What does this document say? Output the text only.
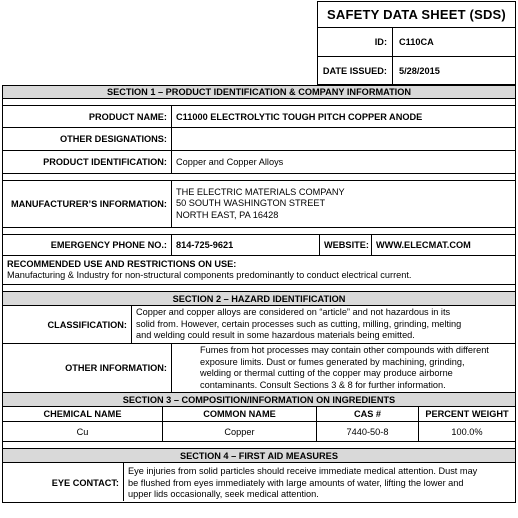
SAFETY DATA SHEET (SDS)
ID:	C110CA
DATE ISSUED:	5/28/2015
SECTION 1 – PRODUCT IDENTIFICATION & COMPANY INFORMATION
PRODUCT NAME: C11000 ELECTROLYTIC TOUGH PITCH COPPER ANODE
OTHER DESIGNATIONS:
PRODUCT IDENTIFICATION: Copper and Copper Alloys
MANUFACTURER’S INFORMATION:
THE ELECTRIC MATERIALS COMPANY
50 SOUTH WASHINGTON STREET
NORTH EAST, PA 16428
EMERGENCY PHONE NO.: 814-725-9621	WEBSITE: WWW.ELECMAT.COM
RECOMMENDED USE AND RESTRICTIONS ON USE:
Manufacturing & Industry for non-structural components predominantly to conduct electrical current.
SECTION 2 – HAZARD IDENTIFICATION
CLASSIFICATION:
Copper and copper alloys are considered on “article” and not hazardous in its
solid from. However, certain processes such as cutting, milling, grinding, melting
and welding could result in some hazardous materials being emitted.
OTHER INFORMATION:
Fumes from hot processes may contain other compounds with different
exposure limits. Dust or fumes generated by machining, grinding,
welding or thermal cutting of the copper may produce airborne
contaminants. Consult Sections 3 & 8 for further information.
SECTION 3 – COMPOSITION/INFORMATION ON INGREDIENTS
CHEMICAL NAME	COMMON NAME	CAS #	PERCENT WEIGHT
Cu	Copper	7440-50-8	100.0%
SECTION 4 – FIRST AID MEASURES
EYE CONTACT:
Eye injuries from solid particles should receive immediate medical attention. Dust may
be flushed from eyes immediately with large amounts of water, lifting the lower and
upper lids occasionally, seek medical attention.
